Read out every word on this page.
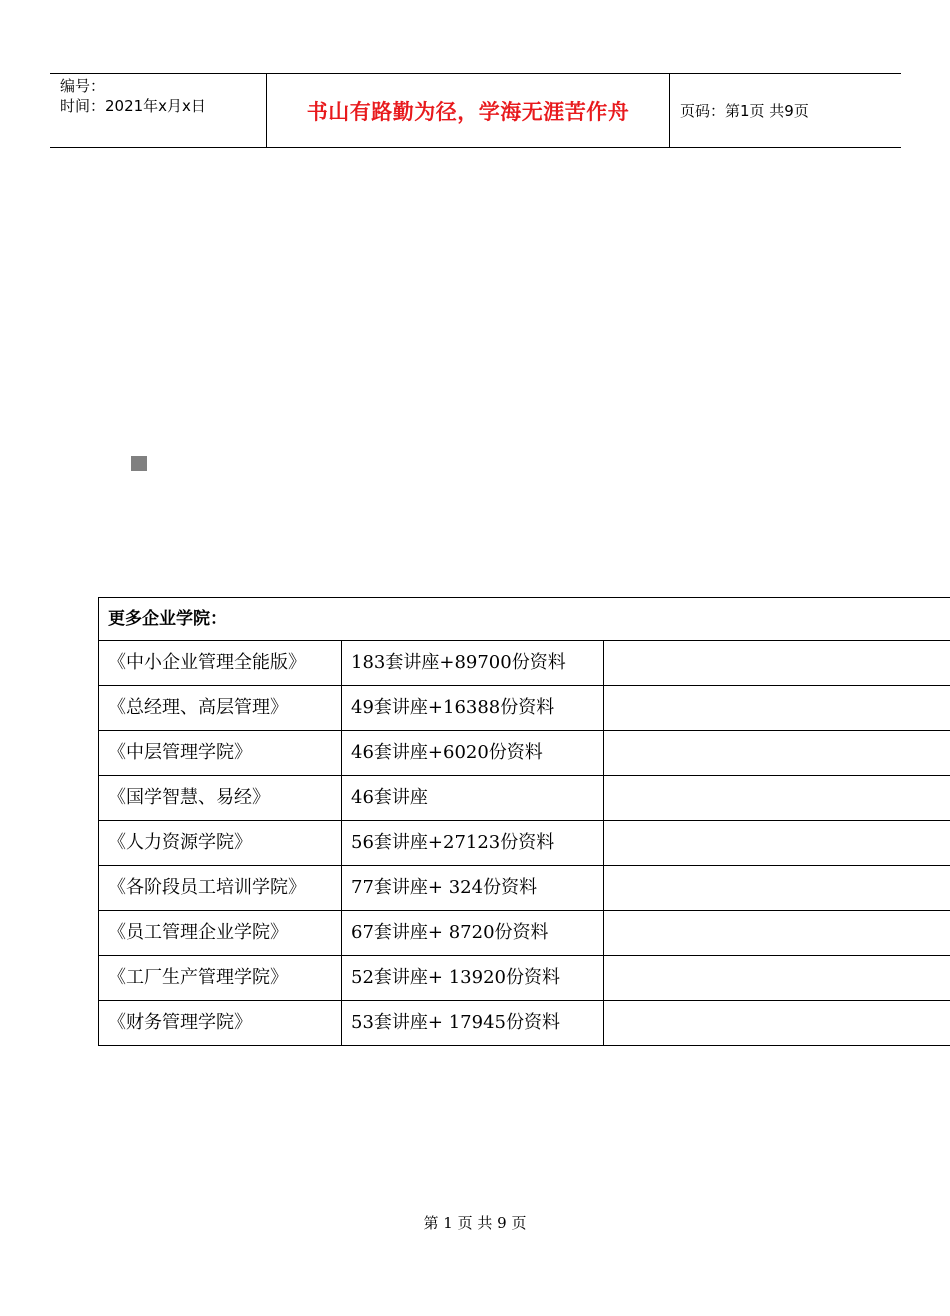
编号：
时间：2021年x月x日	书山有路勤为径，学海无涯苦作舟	页码：第1页 共9页
更多企业学院：		
《中小企业管理全能版》	183套讲座+89700份资料	
《总经理、高层管理》	49套讲座+16388份资料	
《中层管理学院》	46套讲座+6020份资料	
《国学智慧、易经》	46套讲座	
《人力资源学院》	56套讲座+27123份资料	
《各阶段员工培训学院》	77套讲座+ 324份资料	
《员工管理企业学院》	67套讲座+ 8720份资料	
《工厂生产管理学院》	52套讲座+ 13920份资料	
《财务管理学院》	53套讲座+ 17945份资料	
第 1 页 共 9 页
